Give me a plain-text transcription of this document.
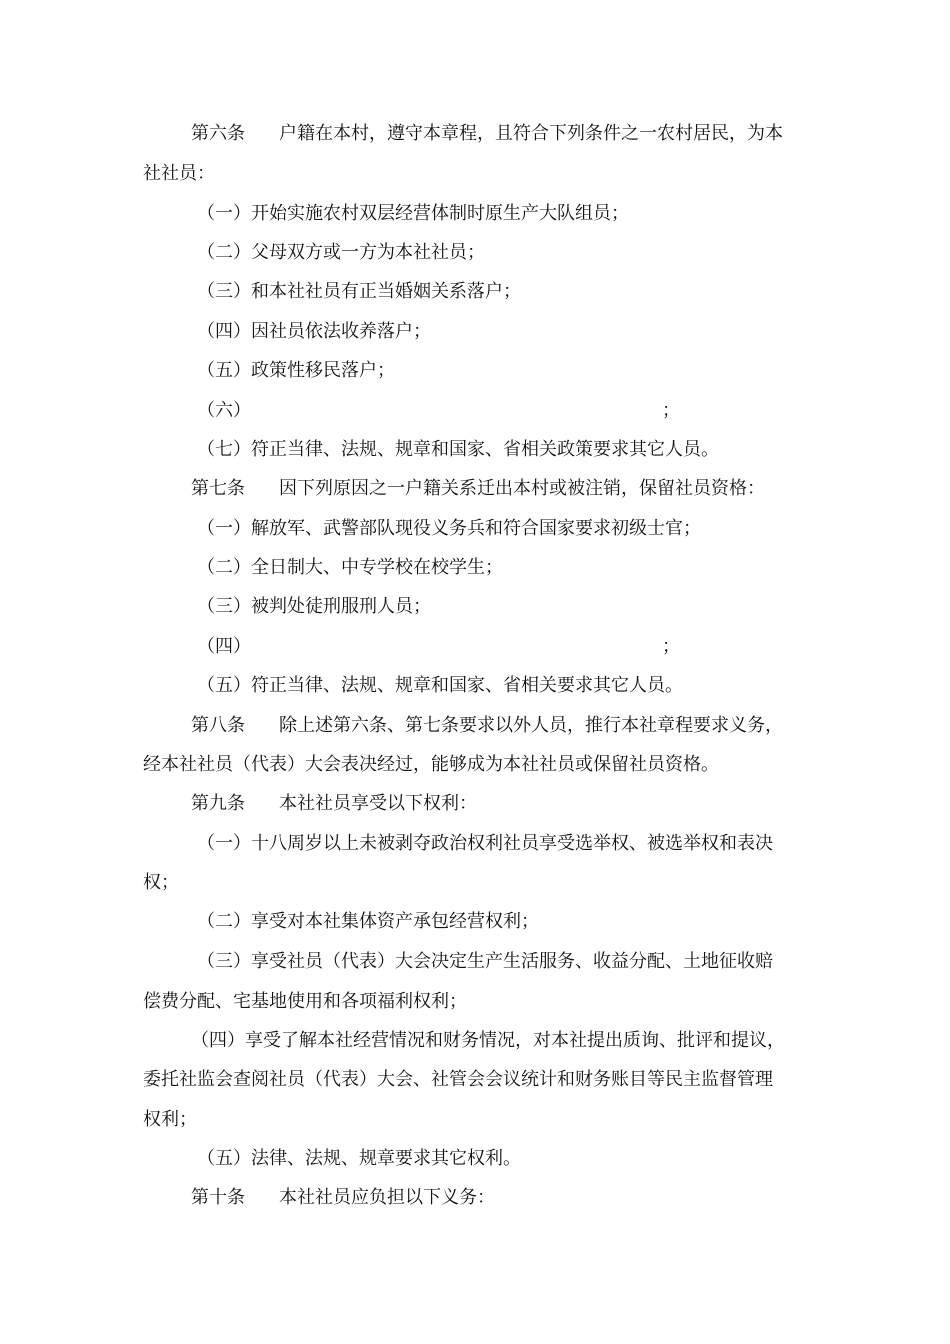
第六条 户籍在本村，遵守本章程，且符合下列条件之一农村居民，为本
社社员：
（一）开始实施农村双层经营体制时原生产大队组员；
（二）父母双方或一方为本社社员；
（三）和本社社员有正当婚姻关系落户；
（四）因社员依法收养落户；
（五）政策性移民落户；
（六）	；
（七）符正当律、法规、规章和国家、省相关政策要求其它人员。
第七条 因下列原因之一户籍关系迁出本村或被注销，保留社员资格：
（一）解放军、武警部队现役义务兵和符合国家要求初级士官；
（二）全日制大、中专学校在校学生；
（三）被判处徒刑服刑人员；
（四）	；
（五）符正当律、法规、规章和国家、省相关要求其它人员。
第八条 除上述第六条、第七条要求以外人员，推行本社章程要求义务，
经本社社员（代表）大会表决经过，能够成为本社社员或保留社员资格。
第九条 本社社员享受以下权利：
（一）十八周岁以上未被剥夺政治权利社员享受选举权、被选举权和表决
权；
（二）享受对本社集体资产承包经营权利；
（三）享受社员（代表）大会决定生产生活服务、收益分配、土地征收赔
偿费分配、宅基地使用和各项福利权利；
（四）享受了解本社经营情况和财务情况，对本社提出质询、批评和提议，
委托社监会查阅社员（代表）大会、社管会会议统计和财务账目等民主监督管理
权利；
（五）法律、法规、规章要求其它权利。
第十条 本社社员应负担以下义务：
